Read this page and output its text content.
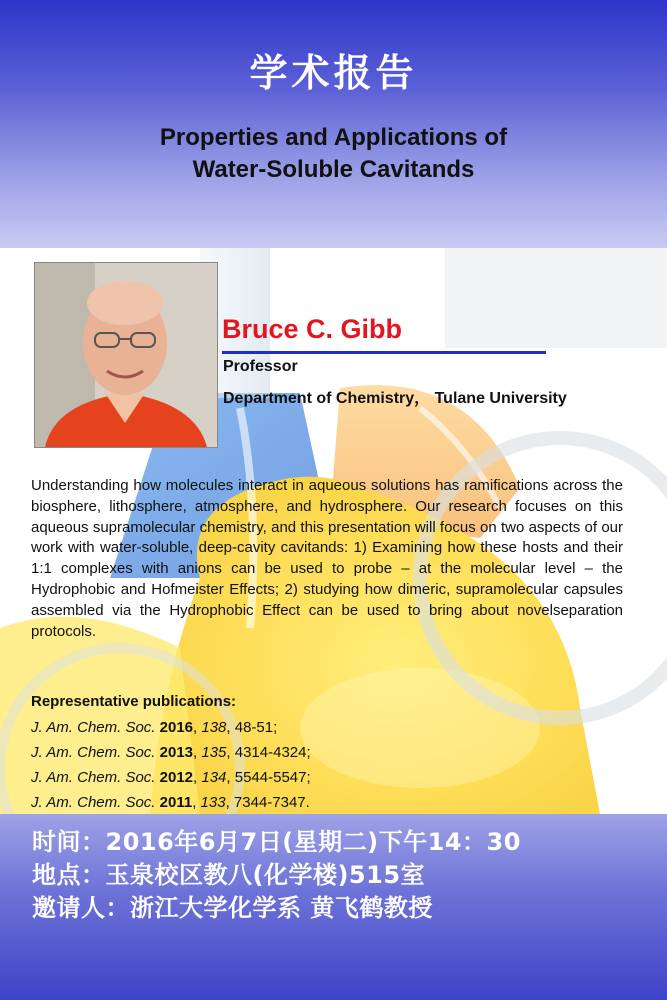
学术报告
Properties and Applications of
Water-Soluble Cavitands
Bruce C. Gibb
Professor
Department of Chemistry， Tulane University
Understanding how molecules interact in aqueous solutions has ramifications across the biosphere, lithosphere, atmosphere, and hydrosphere. Our research focuses on this aqueous supramolecular chemistry, and this presentation will focus on two aspects of our work with water-soluble, deep-cavity cavitands: 1) Examining how these hosts and their 1:1 complexes with anions can be used to probe – at the molecular level – the Hydrophobic and Hofmeister Effects; 2) studying how dimeric, supramolecular capsules assembled via the Hydrophobic Effect can be used to bring about novelseparation protocols.
Representative publications:
J. Am. Chem. Soc. 2016, 138, 48-51;
J. Am. Chem. Soc. 2013, 135, 4314-4324;
J. Am. Chem. Soc. 2012, 134, 5544-5547;
J. Am. Chem. Soc. 2011, 133, 7344-7347.
时间：2016年6月7日(星期二)下午14：30
地点：玉泉校区教八(化学楼)515室
邀请人：浙江大学化学系 黄飞鹤教授
